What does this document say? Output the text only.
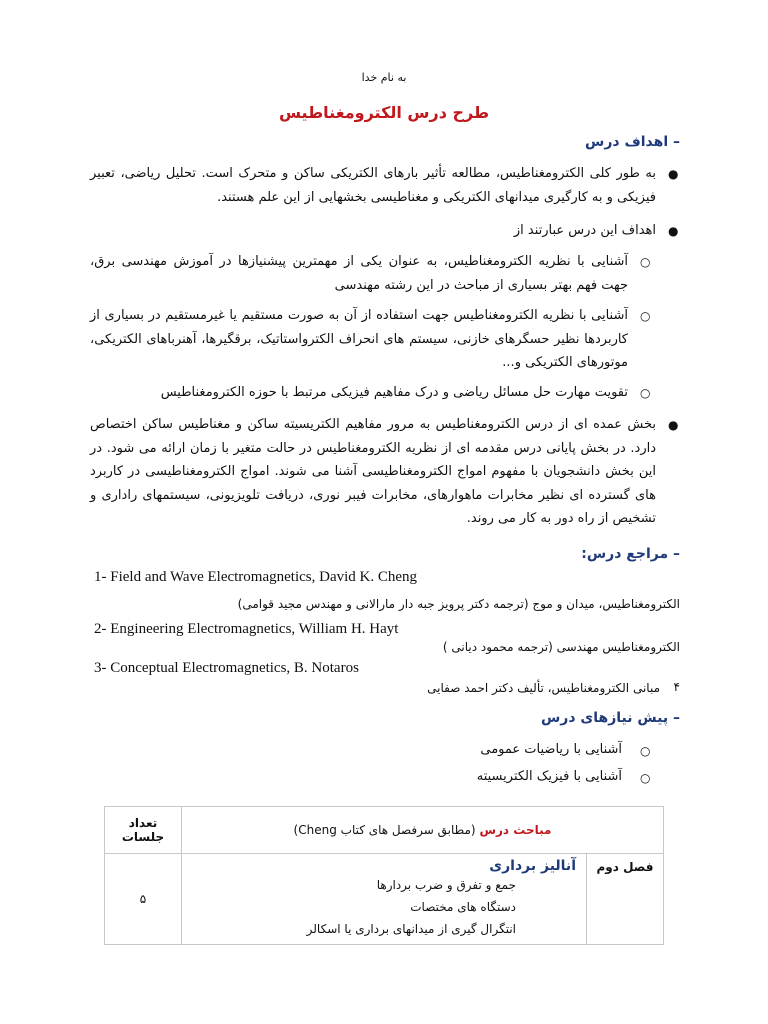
به نام خدا
طرح درس الکترومغناطیس
– اهداف درس
●
به طور کلی الکترومغناطیس، مطالعه تأثیر بارهای الکتریکی ساکن و متحرک است. تحلیل ریاضی، تعبیر فیزیکی و به کارگیری میدانهای الکتریکی و مغناطیسی بخشهایی از این علم هستند.
●
اهداف این درس عبارتند از
○
آشنایی با نظریه الکترومغناطیس، به عنوان یکی از مهمترین پیشنیازها در آموزش مهندسی برق، جهت فهم بهتر بسیاری از مباحث در این رشته مهندسی
○
آشنایی با نظریه الکترومغناطیس جهت استفاده از آن به صورت مستقیم یا غیرمستقیم در بسیاری از کاربردها نظیر حسگرهای خازنی، سیستم های انحراف الکترواستاتیک، برقگیرها، آهنرباهای الکتریکی، موتورهای الکتریکی و...
○
تقویت مهارت حل مسائل ریاضی و درک مفاهیم فیزیکی مرتبط با حوزه الکترومغناطیس
●
بخش عمده ای از درس الکترومغناطیس به مرور مفاهیم الکتریسیته ساکن و مغناطیس ساکن اختصاص دارد. در بخش پایانی درس مقدمه ای از نظریه الکترومغناطیس در حالت متغیر با زمان ارائه می شود. در این بخش دانشجویان با مفهوم امواج الکترومغناطیسی آشنا می شوند. امواج الکترومغناطیسی در کاربرد های گسترده ای نظیر مخابرات ماهوارهای، مخابرات فیبر نوری، دریافت تلویزیونی، سیستمهای راداری و تشخیص از راه دور به کار می روند.
– مراجع درس:
1- Field and Wave Electromagnetics, David K. Cheng
الکترومغناطیس، میدان و موج (ترجمه دکتر پرویز جبه دار مارالانی و مهندس مجید قوامی)
2- Engineering Electromagnetics, William H. Hayt
الکترومغناطیس مهندسی (ترجمه محمود دیانی )
3- Conceptual Electromagnetics, B. Notaros
۴
مبانی الکترومغناطیس، تألیف دکتر احمد صفایی
– پیش نیازهای درس
○
آشنایی با ریاضیات عمومی
○
آشنایی با فیزیک الکتریسیته
مباحث درس (مطابق سرفصل های کتاب Cheng)		تعداد جلسات
فصل دوم	آنالیز برداری
جمع و تفرق و ضرب بردارها
دستگاه های مختصات
انتگرال گیری از میدانهای برداری یا اسکالر	۵
